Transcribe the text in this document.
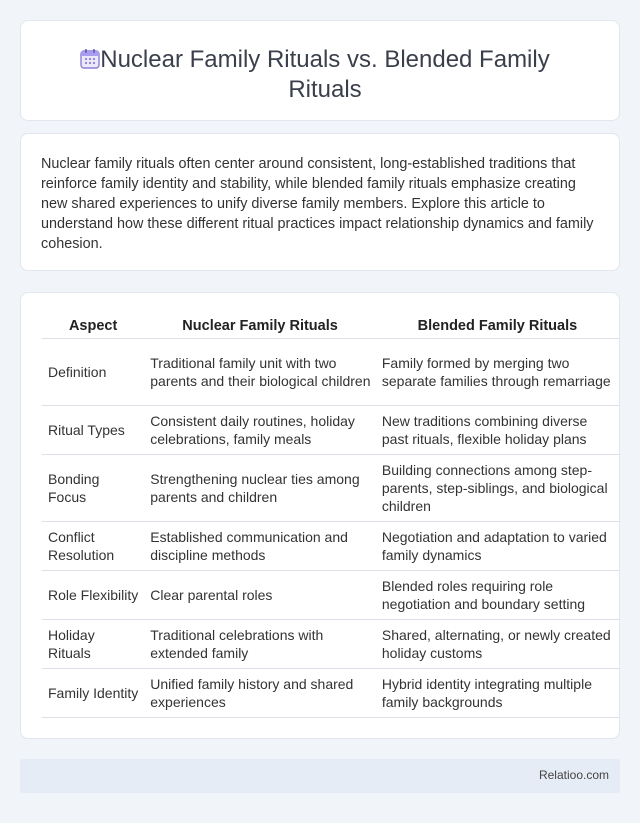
Nuclear Family Rituals vs. Blended Family Rituals

Nuclear family rituals often center around consistent, long-established traditions that reinforce family identity and stability, while blended family rituals emphasize creating new shared experiences to unify diverse family members. Explore this article to understand how these different ritual practices impact relationship dynamics and family cohesion.

Aspect	Nuclear Family Rituals	Blended Family Rituals
Definition	Traditional family unit with two parents and their biological children	Family formed by merging two separate families through remarriage
Ritual Types	Consistent daily routines, holiday celebrations, family meals	New traditions combining diverse past rituals, flexible holiday plans
Bonding Focus	Strengthening nuclear ties among parents and children	Building connections among step-parents, step-siblings, and biological children
Conflict Resolution	Established communication and discipline methods	Negotiation and adaptation to varied family dynamics
Role Flexibility	Clear parental roles	Blended roles requiring role negotiation and boundary setting
Holiday Rituals	Traditional celebrations with extended family	Shared, alternating, or newly created holiday customs
Family Identity	Unified family history and shared experiences	Hybrid identity integrating multiple family backgrounds
Relatioo.com
